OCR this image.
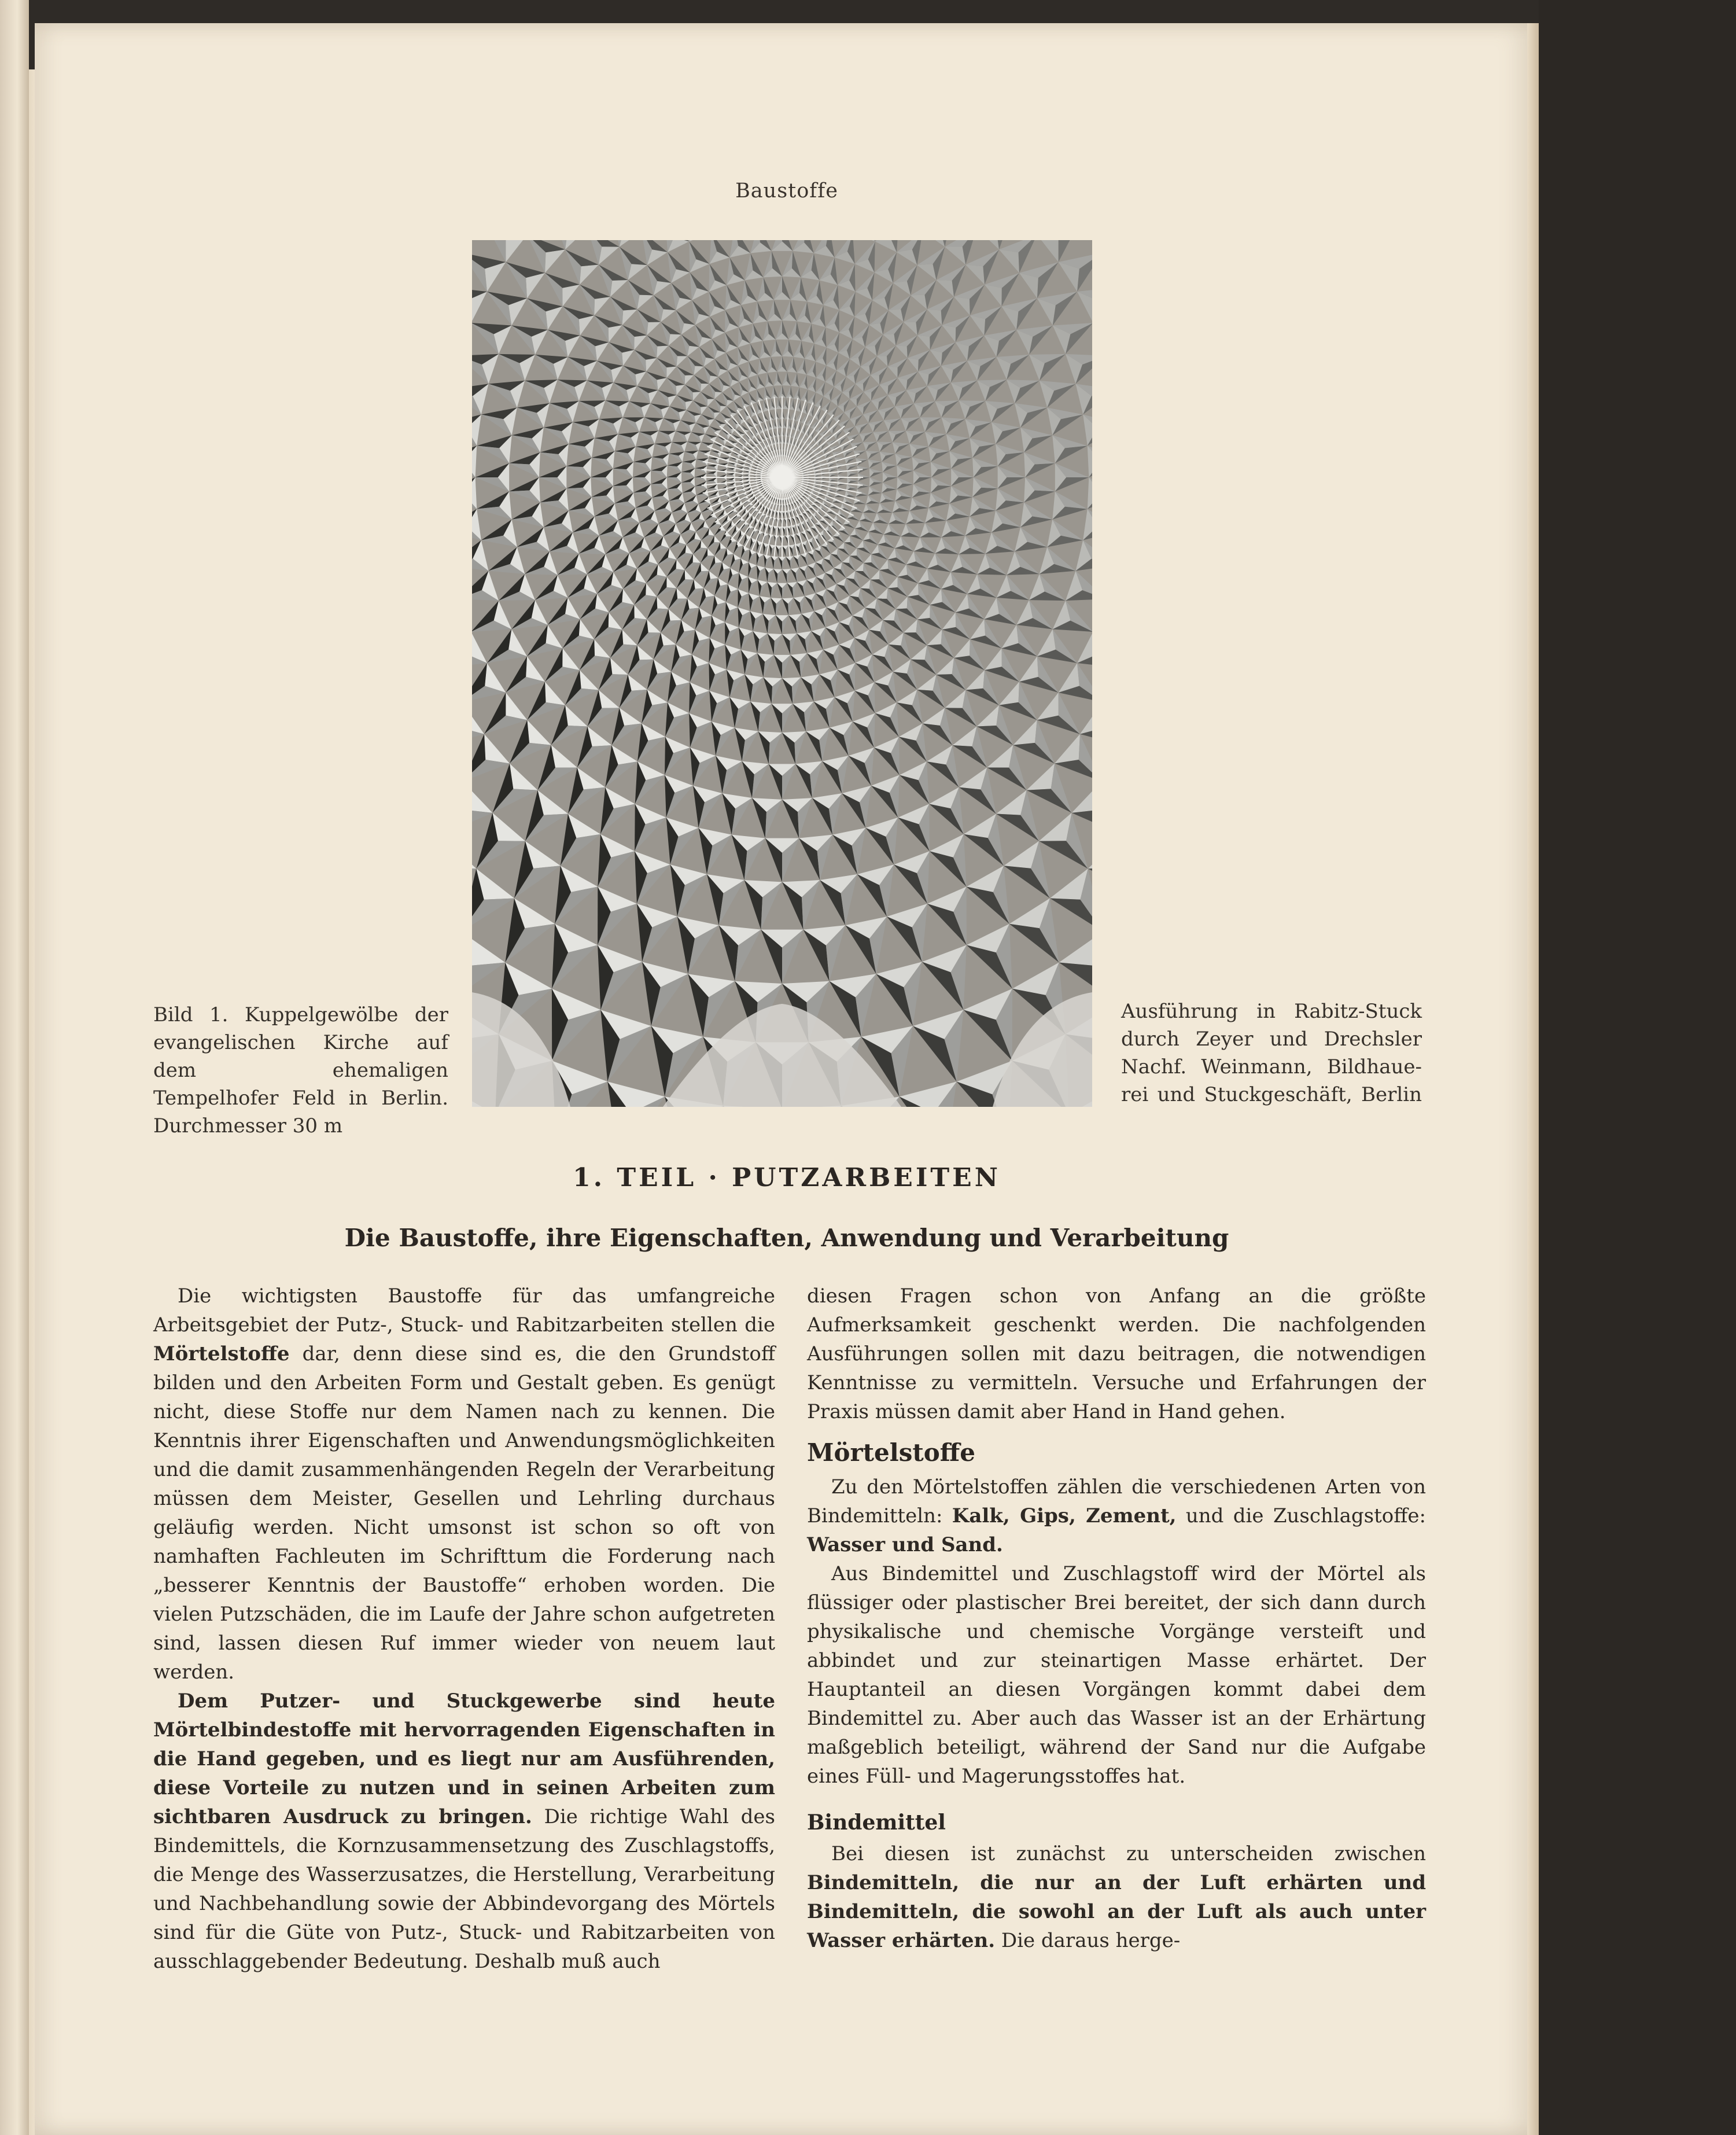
Baustoffe
Bild 1. Kuppelgewölbe der evangelischen Kirche auf dem ehemaligen Tempelhofer Feld in Berlin. Durchmesser 30 m
Ausführung in Rabitz-Stuck
durch Zeyer und Drechsler
Nachf. Weinmann, Bildhaue-
rei und Stuckgeschäft, Berlin
1. TEIL · PUTZARBEITEN
Die Baustoffe, ihre Eigenschaften, Anwendung und Verarbeitung

Die wichtigsten Baustoffe für das umfangreiche Arbeitsgebiet der Putz-, Stuck- und Rabitzarbeiten stellen die Mörtelstoffe dar, denn diese sind es, die den Grundstoff bilden und den Arbeiten Form und Gestalt geben. Es genügt nicht, diese Stoffe nur dem Namen nach zu kennen. Die Kenntnis ihrer Eigenschaften und Anwendungsmöglichkeiten und die damit zusammenhängenden Regeln der Verarbeitung müssen dem Meister, Gesellen und Lehrling durchaus geläufig werden. Nicht umsonst ist schon so oft von namhaften Fachleuten im Schrifttum die Forderung nach „besserer Kenntnis der Baustoffe“ erhoben worden. Die vielen Putzschäden, die im Laufe der Jahre schon aufgetreten sind, lassen diesen Ruf immer wieder von neuem laut werden.

Dem Putzer- und Stuckgewerbe sind heute Mörtelbindestoffe mit hervorragenden Eigenschaften in die Hand gegeben, und es liegt nur am Ausführenden, diese Vorteile zu nutzen und in seinen Arbeiten zum sichtbaren Ausdruck zu bringen. Die richtige Wahl des Bindemittels, die Kornzusammensetzung des Zuschlagstoffs, die Menge des Wasserzusatzes, die Herstellung, Verarbeitung und Nachbehandlung sowie der Abbindevorgang des Mörtels sind für die Güte von Putz-, Stuck- und Rabitzarbeiten von ausschlaggebender Bedeutung. Deshalb muß auch

diesen Fragen schon von Anfang an die größte Aufmerksamkeit geschenkt werden. Die nachfolgenden Ausführungen sollen mit dazu beitragen, die notwendigen Kenntnisse zu vermitteln. Versuche und Erfahrungen der Praxis müssen damit aber Hand in Hand gehen.

Mörtelstoffe

Zu den Mörtelstoffen zählen die verschiedenen Arten von Bindemitteln: Kalk, Gips, Zement, und die Zuschlagstoffe: Wasser und Sand.

Aus Bindemittel und Zuschlagstoff wird der Mörtel als flüssiger oder plastischer Brei bereitet, der sich dann durch physikalische und chemische Vorgänge versteift und abbindet und zur steinartigen Masse erhärtet. Der Hauptanteil an diesen Vorgängen kommt dabei dem Bindemittel zu. Aber auch das Wasser ist an der Erhärtung maßgeblich beteiligt, während der Sand nur die Aufgabe eines Füll- und Magerungsstoffes hat.

Bindemittel

Bei diesen ist zunächst zu unterscheiden zwischen Bindemitteln, die nur an der Luft erhärten und Bindemitteln, die sowohl an der Luft als auch unter Wasser erhärten. Die daraus herge-
